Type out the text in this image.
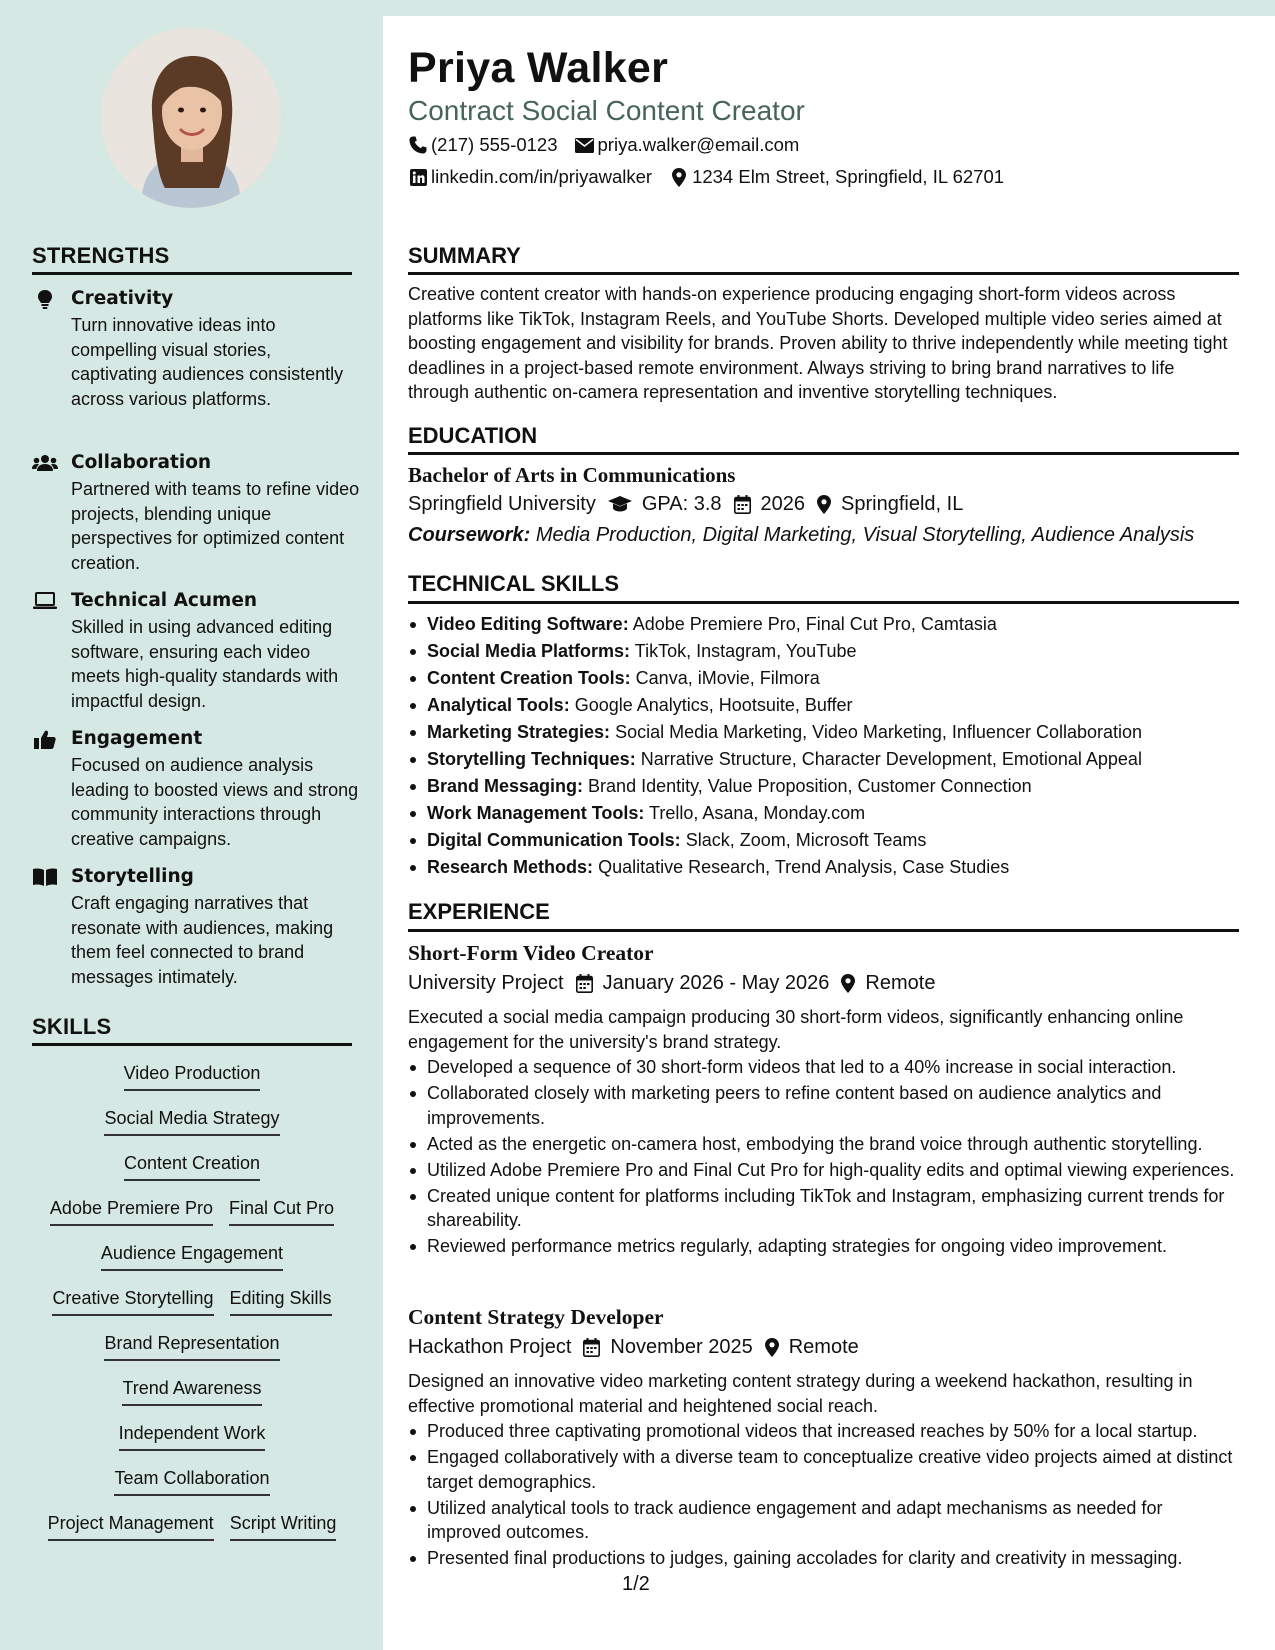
STRENGTHS
Creativity
Turn innovative ideas into compelling visual stories, captivating audiences consistently across various platforms.
Collaboration
Partnered with teams to refine video projects, blending unique perspectives for optimized content creation.
Technical Acumen
Skilled in using advanced editing software, ensuring each video meets high-quality standards with impactful design.
Engagement
Focused on audience analysis leading to boosted views and strong community interactions through creative campaigns.
Storytelling
Craft engaging narratives that resonate with audiences, making them feel connected to brand messages intimately.
SKILLS
Video Production
Social Media Strategy
Content Creation
Adobe Premiere Pro Final Cut Pro
Audience Engagement
Creative Storytelling Editing Skills
Brand Representation
Trend Awareness
Independent Work
Team Collaboration
Project Management Script Writing
Priya Walker
Contract Social Content Creator
(217) 555-0123 priya.walker@email.com
linkedin.com/in/priyawalker 1234 Elm Street, Springfield, IL 62701
SUMMARY
Creative content creator with hands-on experience producing engaging short-form videos across platforms like TikTok, Instagram Reels, and YouTube Shorts. Developed multiple video series aimed at boosting engagement and visibility for brands. Proven ability to thrive independently while meeting tight deadlines in a project-based remote environment. Always striving to bring brand narratives to life through authentic on-camera representation and inventive storytelling techniques.
EDUCATION
Bachelor of Arts in Communications
Springfield University GPA: 3.8 2026 Springfield, IL
Coursework: Media Production, Digital Marketing, Visual Storytelling, Audience Analysis
TECHNICAL SKILLS
Video Editing Software: Adobe Premiere Pro, Final Cut Pro, Camtasia
Social Media Platforms: TikTok, Instagram, YouTube
Content Creation Tools: Canva, iMovie, Filmora
Analytical Tools: Google Analytics, Hootsuite, Buffer
Marketing Strategies: Social Media Marketing, Video Marketing, Influencer Collaboration
Storytelling Techniques: Narrative Structure, Character Development, Emotional Appeal
Brand Messaging: Brand Identity, Value Proposition, Customer Connection
Work Management Tools: Trello, Asana, Monday.com
Digital Communication Tools: Slack, Zoom, Microsoft Teams
Research Methods: Qualitative Research, Trend Analysis, Case Studies
EXPERIENCE
Short-Form Video Creator
University Project January 2026 - May 2026 Remote
Executed a social media campaign producing 30 short-form videos, significantly enhancing online engagement for the university's brand strategy.
Developed a sequence of 30 short-form videos that led to a 40% increase in social interaction.
Collaborated closely with marketing peers to refine content based on audience analytics and improvements.
Acted as the energetic on-camera host, embodying the brand voice through authentic storytelling.
Utilized Adobe Premiere Pro and Final Cut Pro for high-quality edits and optimal viewing experiences.
Created unique content for platforms including TikTok and Instagram, emphasizing current trends for shareability.
Reviewed performance metrics regularly, adapting strategies for ongoing video improvement.
Content Strategy Developer
Hackathon Project November 2025 Remote
Designed an innovative video marketing content strategy during a weekend hackathon, resulting in effective promotional material and heightened social reach.
Produced three captivating promotional videos that increased reaches by 50% for a local startup.
Engaged collaboratively with a diverse team to conceptualize creative video projects aimed at distinct target demographics.
Utilized analytical tools to track audience engagement and adapt mechanisms as needed for improved outcomes.
Presented final productions to judges, gaining accolades for clarity and creativity in messaging.
1/2
